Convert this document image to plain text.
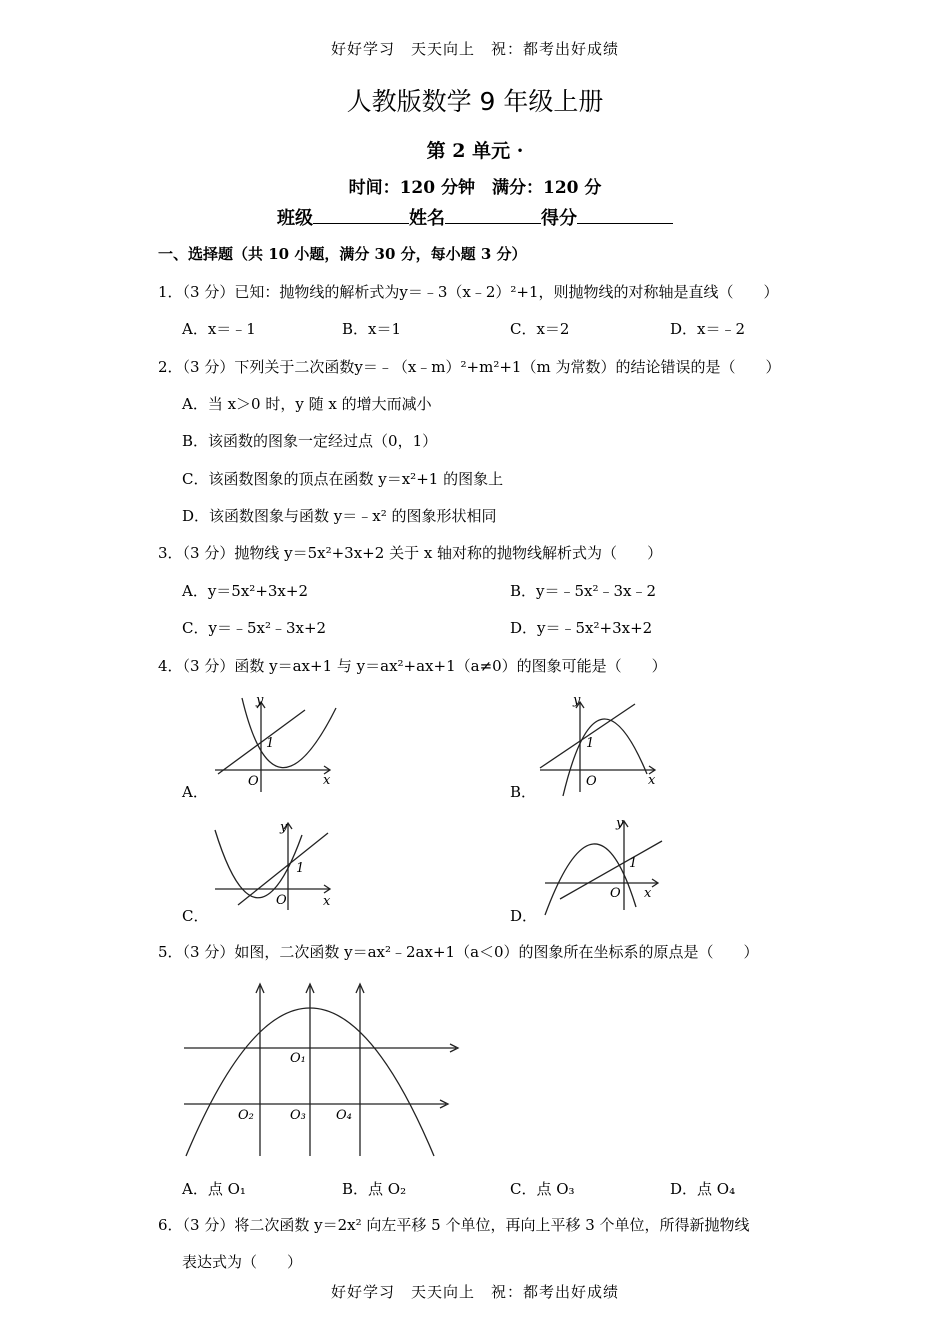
好好学习　天天向上　祝：都考出好成绩
人教版数学 9 年级上册
第 2 单元 ·
时间：120 分钟　满分：120 分
班级	姓名	得分
一、选择题（共 10 小题，满分 30 分，每小题 3 分）
1．（3 分）已知：抛物线的解析式为y＝﹣3（x﹣2）²+1，则抛物线的对称轴是直线（　　）
A．x＝﹣1	B．x＝1	C．x＝2	D．x＝﹣2
2．（3 分）下列关于二次函数y＝﹣（x﹣m）²+m²+1（m 为常数）的结论错误的是（　　）
A．当 x＞0 时，y 随 x 的增大而减小
B．该函数的图象一定经过点（0，1）
C．该函数图象的顶点在函数 y＝x²+1 的图象上
D．该函数图象与函数 y＝﹣x² 的图象形状相同
3．（3 分）抛物线 y＝5x²+3x+2 关于 x 轴对称的抛物线解析式为（　　）
A．y＝5x²+3x+2	B．y＝﹣5x²﹣3x﹣2
C．y＝﹣5x²﹣3x+2	D．y＝﹣5x²+3x+2
4．（3 分）函数 y＝ax+1 与 y＝ax²+ax+1（a≠0）的图象可能是（　　）
A．	B．
C．	D．
y
x
O
1
y
x
O
1
y
x
O
1
y
x
O
1
5．（3 分）如图，二次函数 y＝ax²﹣2ax+1（a＜0）的图象所在坐标系的原点是（　　）
O₁
O₂	O₃ O₄
A．点 O₁	B．点 O₂	C．点 O₃	D．点 O₄
6．（3 分）将二次函数 y＝2x² 向左平移 5 个单位，再向上平移 3 个单位，所得新抛物线
表达式为（　　）
好好学习　天天向上　祝：都考出好成绩
